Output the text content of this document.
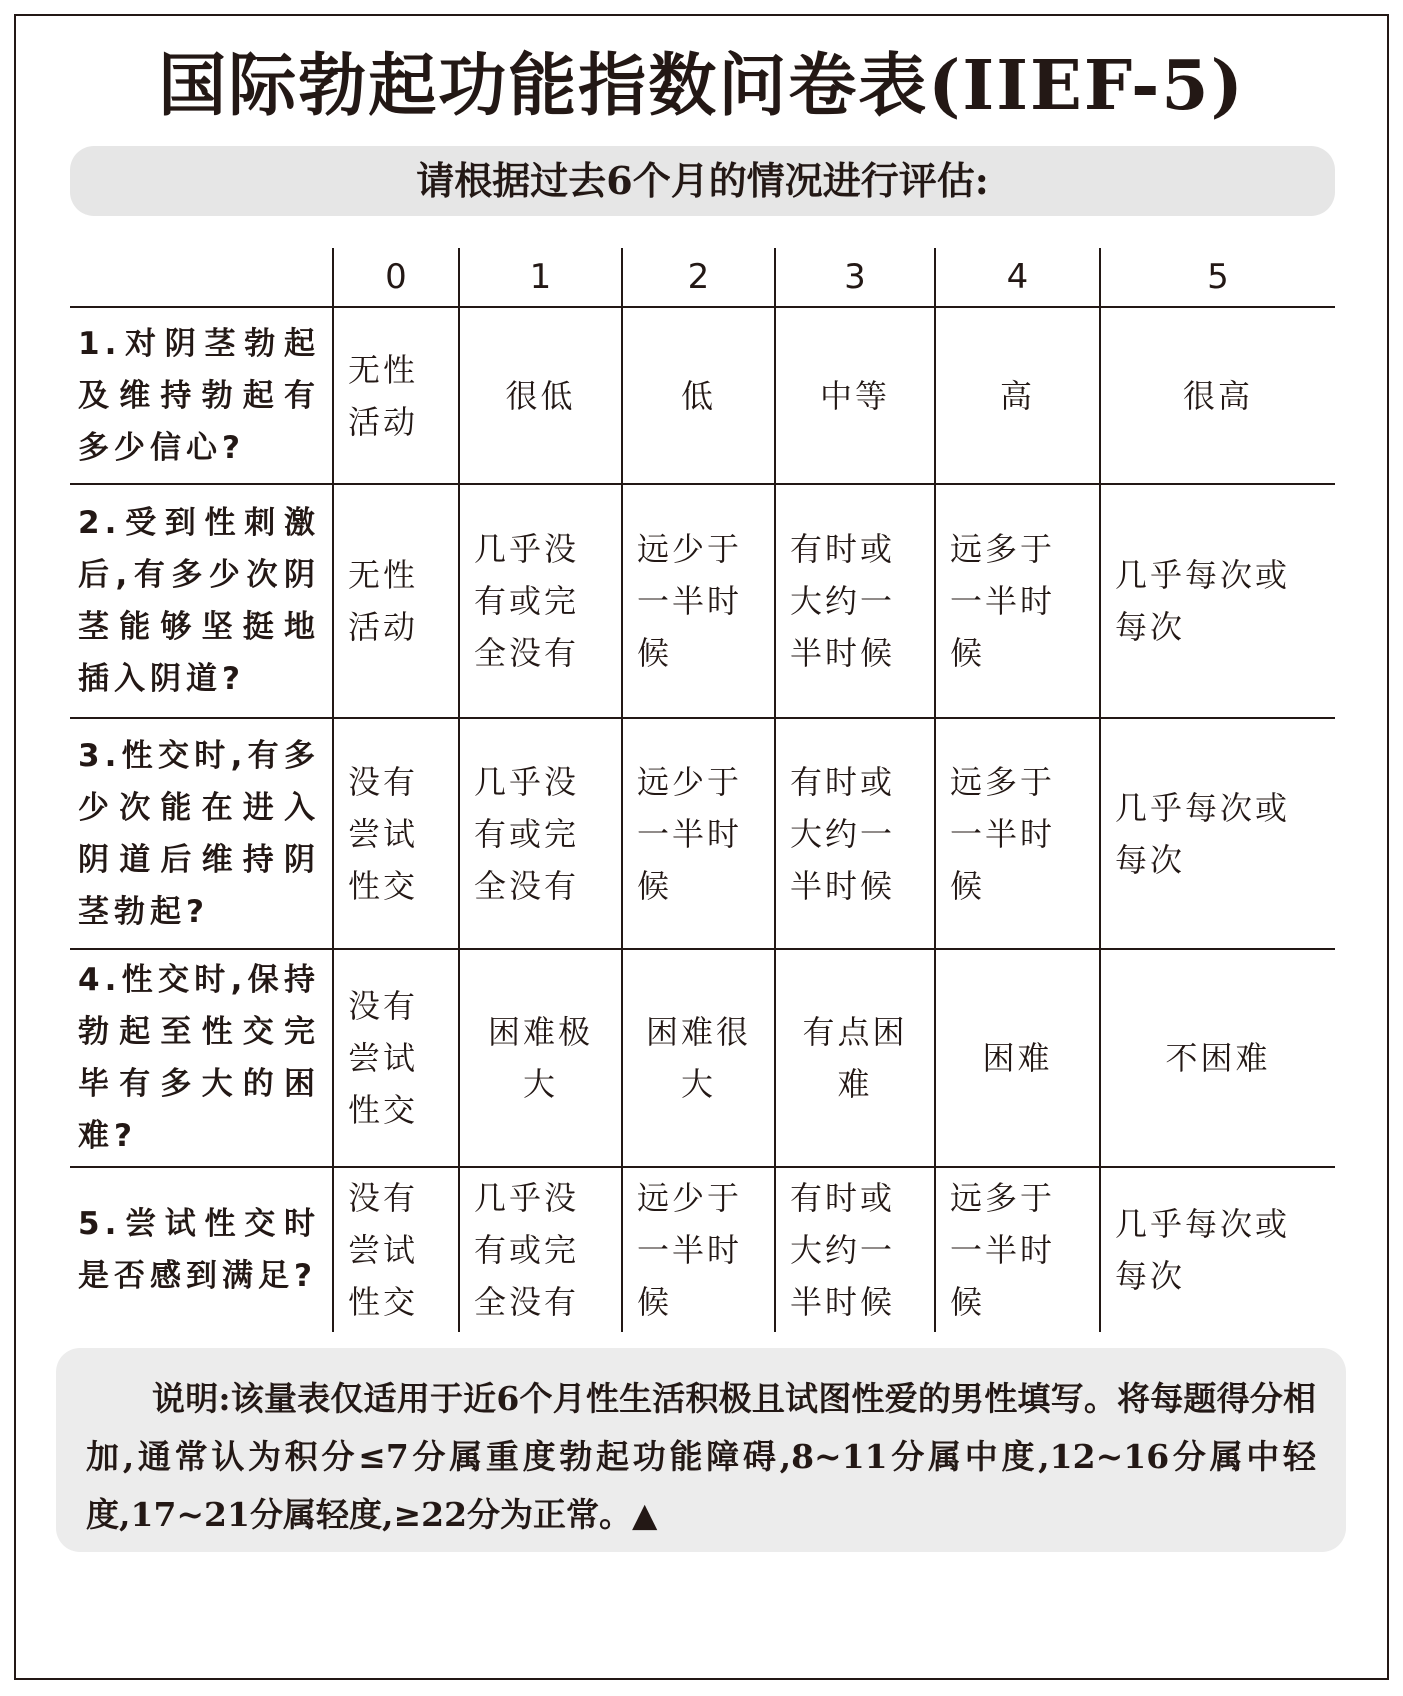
国际勃起功能指数问卷表(IIEF-5)
请根据过去6个月的情况进行评估:
	0	1	2	3	4	5
1.对阴茎勃起及维持勃起有多少信心?	无性活动	很低	低	中等	高	很高

2.受到性刺激后,有多少次阴茎能够坚挺地插入阴道?	无性活动	几乎没有或完全没有	远少于一半时候	有时或大约一半时候	远多于一半时候	几乎每次或每次

3.性交时,有多少次能在进入阴道后维持阴茎勃起?	没有尝试性交	几乎没有或完全没有	远少于一半时候	有时或大约一半时候	远多于一半时候	几乎每次或每次

4.性交时,保持勃起至性交完毕有多大的困难?	没有尝试性交	困难极大	困难很大	有点困难	困难	不困难

5.尝试性交时是否感到满足?	没有尝试性交	几乎没有或完全没有	远少于一半时候	有时或大约一半时候	远多于一半时候	几乎每次或每次
说明:该量表仅适用于近6个月性生活积极且试图性爱的男性填写。将每题得分相加,通常认为积分≤7分属重度勃起功能障碍,8~11分属中度,12~16分属中轻度,17~21分属轻度,≥22分为正常。▲
